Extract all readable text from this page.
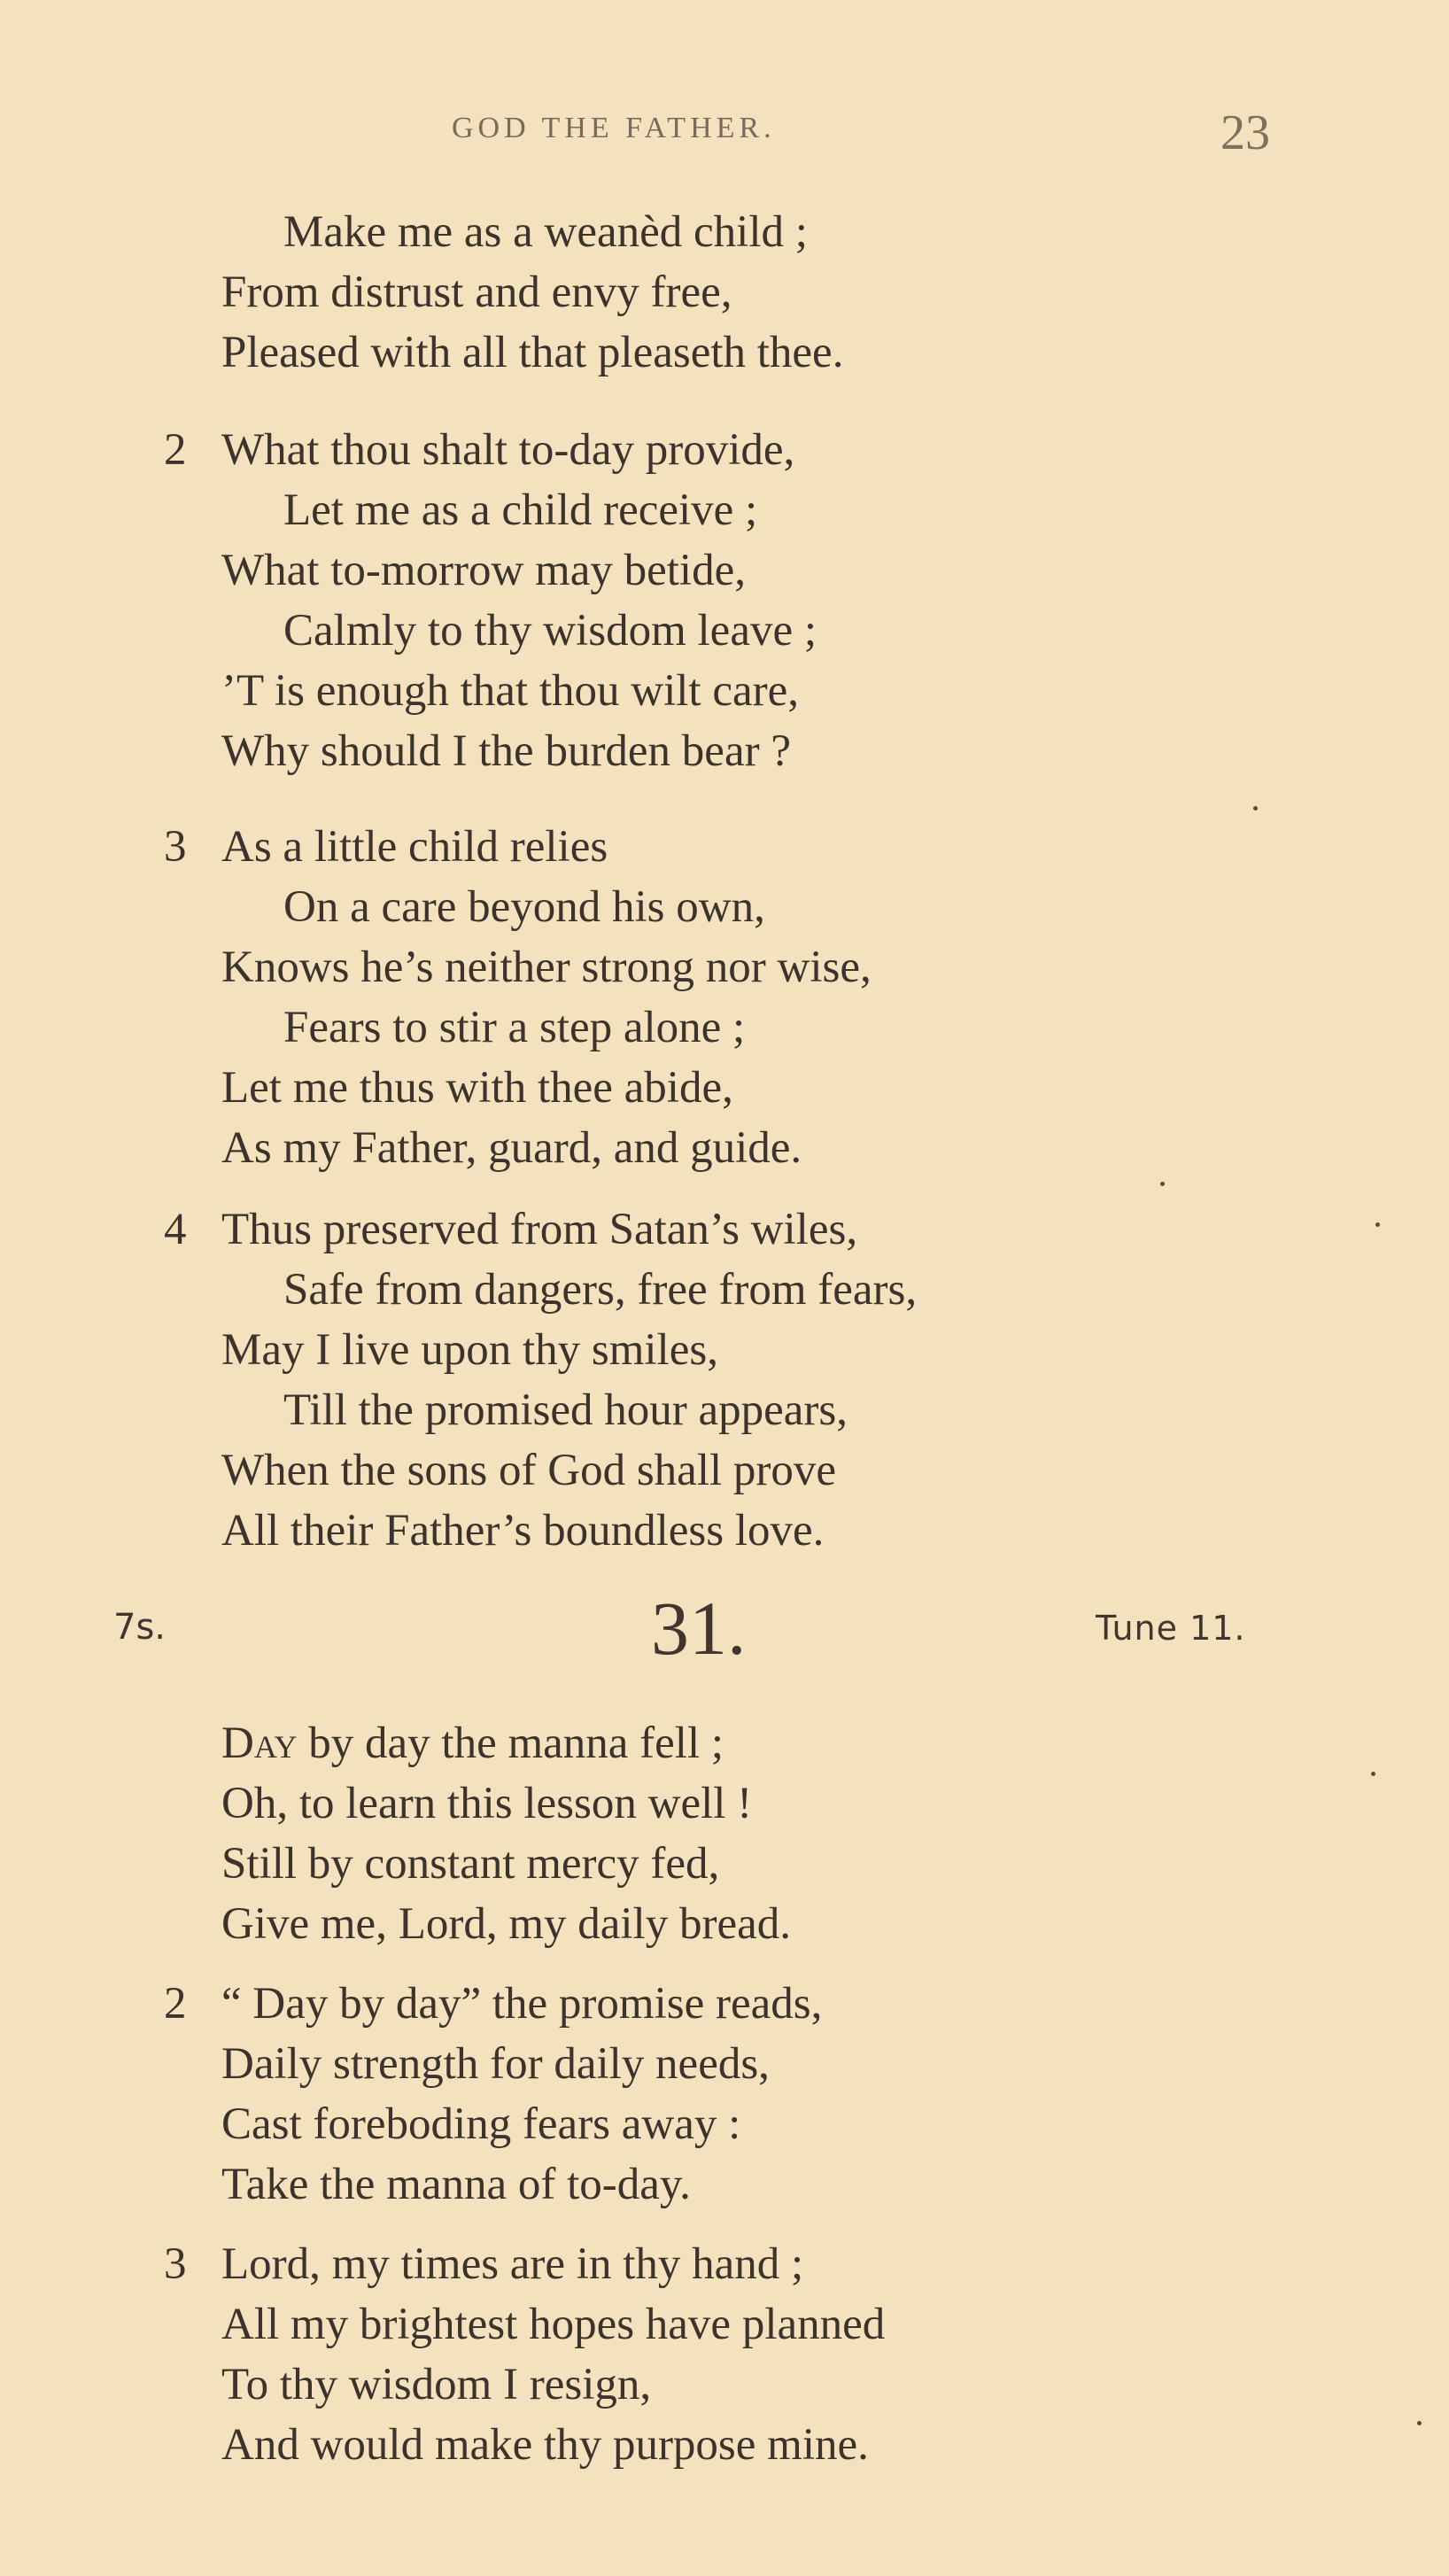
GOD THE FATHER.	23
Make me as a weanèd child ;
From distrust and envy free,
Pleased with all that pleaseth thee.
2 What thou shalt to-day provide,
Let me as a child receive ;
What to-morrow may betide,
Calmly to thy wisdom leave ;
’T is enough that thou wilt care,
Why should I the burden bear ?
3 As a little child relies
On a care beyond his own,
Knows he’s neither strong nor wise,
Fears to stir a step alone ;
Let me thus with thee abide,
As my Father, guard, and guide.
4 Thus preserved from Satan’s wiles,
Safe from dangers, free from fears,
May I live upon thy smiles,
Till the promised hour appears,
When the sons of God shall prove
All their Father’s boundless love.
7s.	31.	Tune 11.
Day by day the manna fell ;
Oh, to learn this lesson well !
Still by constant mercy fed,
Give me, Lord, my daily bread.
2 “ Day by day” the promise reads,
Daily strength for daily needs,
Cast foreboding fears away :
Take the manna of to-day.
3 Lord, my times are in thy hand ;
All my brightest hopes have planned
To thy wisdom I resign,
And would make thy purpose mine.
